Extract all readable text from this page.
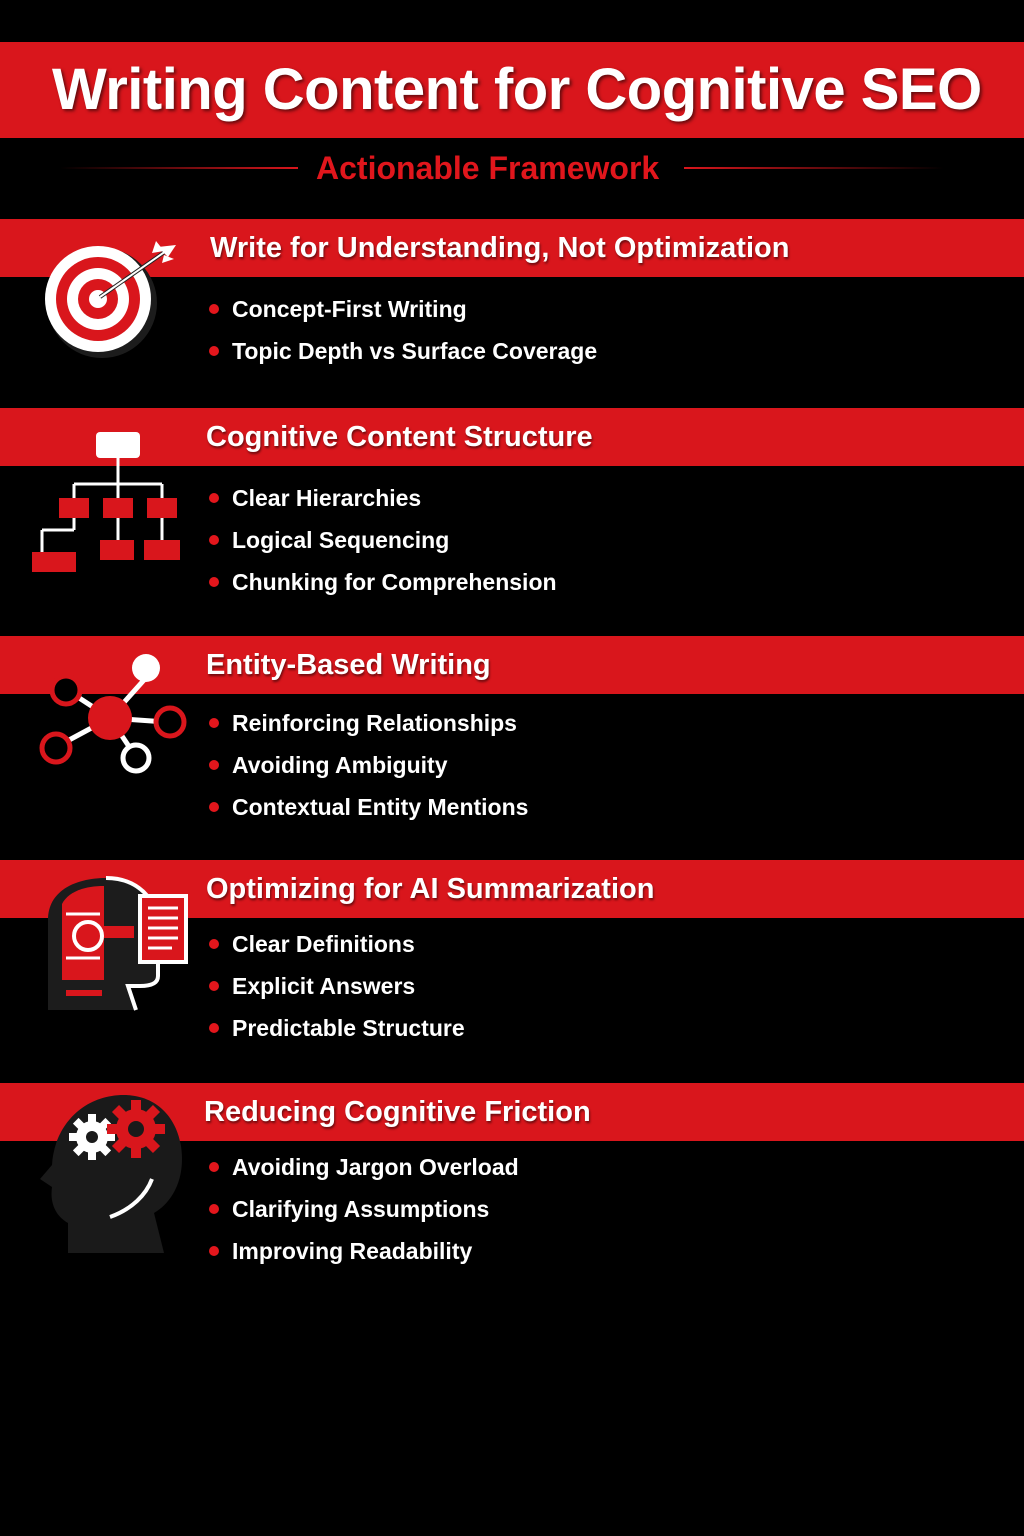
Writing Content for Cognitive SEO
Actionable Framework
Write for Understanding, Not Optimization
Concept-First Writing
Topic Depth vs Surface Coverage
Cognitive Content Structure
Clear Hierarchies
Logical Sequencing
Chunking for Comprehension
Entity-Based Writing
Reinforcing Relationships
Avoiding Ambiguity
Contextual Entity Mentions
Optimizing for AI Summarization
Clear Definitions
Explicit Answers
Predictable Structure
Reducing Cognitive Friction
Avoiding Jargon Overload
Clarifying Assumptions
Improving Readability
